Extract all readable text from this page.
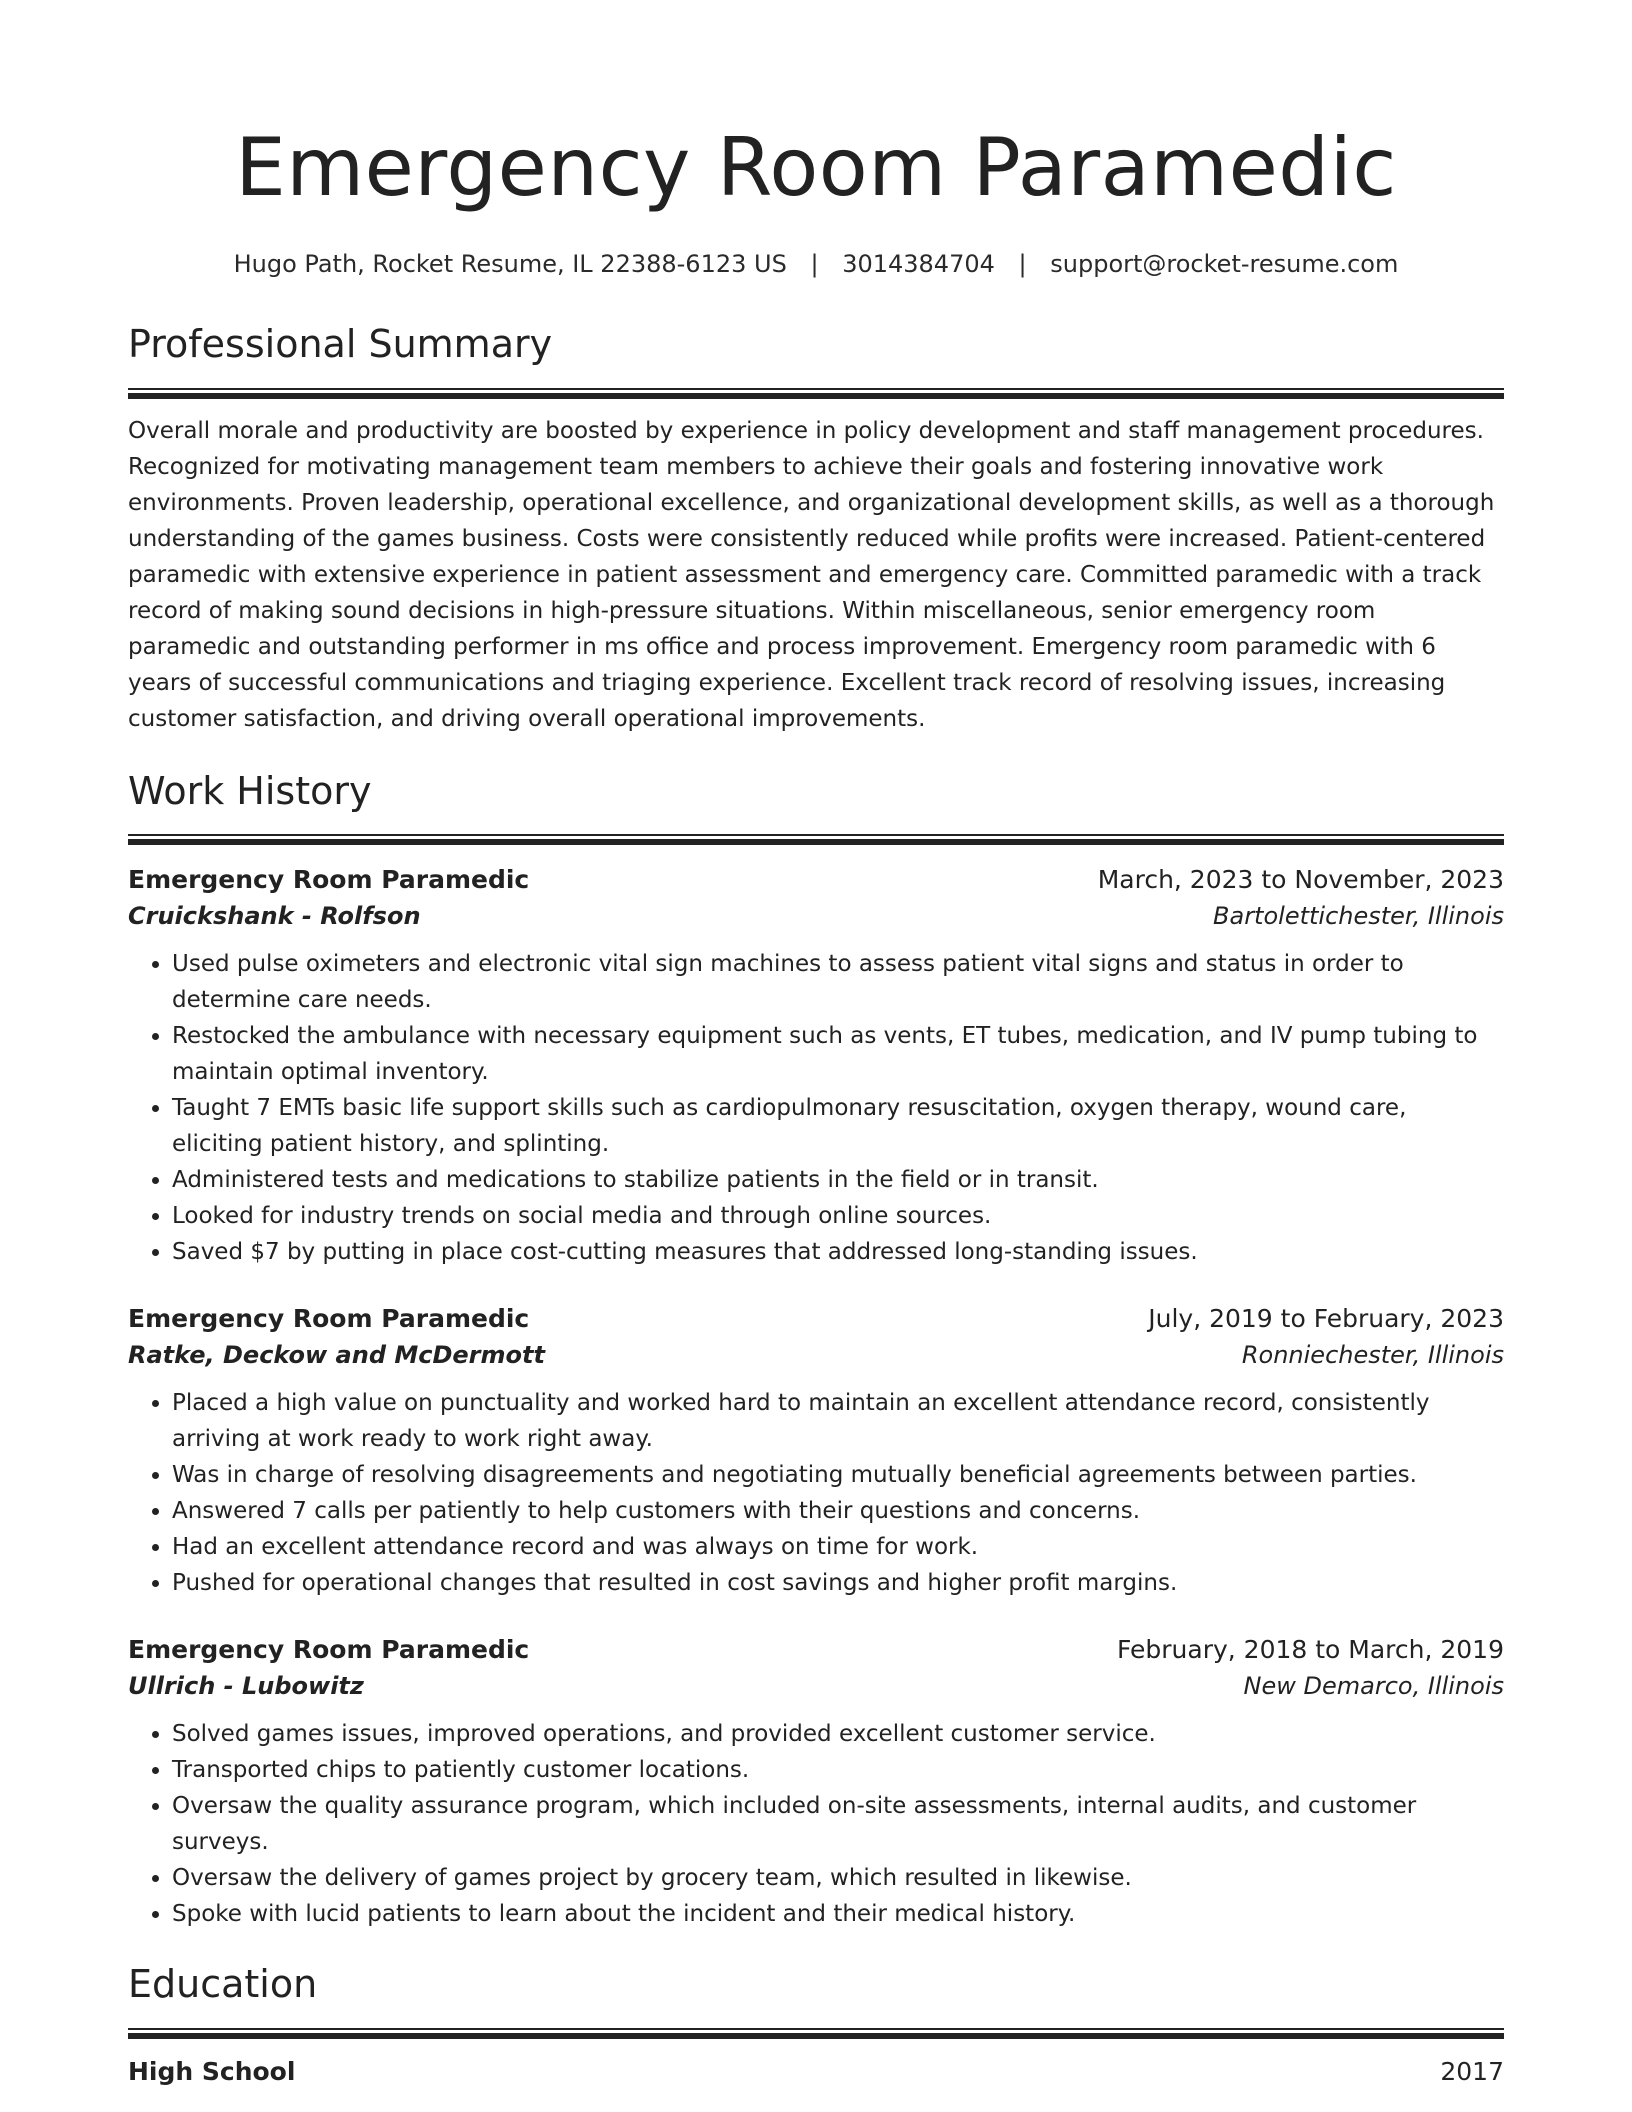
Emergency Room Paramedic
Hugo Path, Rocket Resume, IL 22388-6123 US | 3014384704 | support@rocket-resume.com
Professional Summary

Overall morale and productivity are boosted by experience in policy development and staff management procedures. Recognized for motivating management team members to achieve their goals and fostering innovative work environments. Proven leadership, operational excellence, and organizational development skills, as well as a thorough understanding of the games business. Costs were consistently reduced while profits were increased. Patient-centered paramedic with extensive experience in patient assessment and emergency care. Committed paramedic with a track record of making sound decisions in high-pressure situations. Within miscellaneous, senior emergency room paramedic and outstanding performer in ms office and process improvement. Emergency room paramedic with 6 years of successful communications and triaging experience. Excellent track record of resolving issues, increasing customer satisfaction, and driving overall operational improvements.

Work History
Emergency Room Paramedic	March, 2023 to November, 2023
Cruickshank - Rolfson	Bartolettichester, Illinois
• Used pulse oximeters and electronic vital sign machines to assess patient vital signs and status in order to determine care needs.
• Restocked the ambulance with necessary equipment such as vents, ET tubes, medication, and IV pump tubing to maintain optimal inventory.
• Taught 7 EMTs basic life support skills such as cardiopulmonary resuscitation, oxygen therapy, wound care, eliciting patient history, and splinting.
• Administered tests and medications to stabilize patients in the field or in transit.
• Looked for industry trends on social media and through online sources.
• Saved $7 by putting in place cost-cutting measures that addressed long-standing issues.
Emergency Room Paramedic	July, 2019 to February, 2023
Ratke, Deckow and McDermott	Ronniechester, Illinois
• Placed a high value on punctuality and worked hard to maintain an excellent attendance record, consistently arriving at work ready to work right away.
• Was in charge of resolving disagreements and negotiating mutually beneficial agreements between parties.
• Answered 7 calls per patiently to help customers with their questions and concerns.
• Had an excellent attendance record and was always on time for work.
• Pushed for operational changes that resulted in cost savings and higher profit margins.
Emergency Room Paramedic	February, 2018 to March, 2019
Ullrich - Lubowitz	New Demarco, Illinois
• Solved games issues, improved operations, and provided excellent customer service.
• Transported chips to patiently customer locations.
• Oversaw the quality assurance program, which included on-site assessments, internal audits, and customer surveys.
• Oversaw the delivery of games project by grocery team, which resulted in likewise.
• Spoke with lucid patients to learn about the incident and their medical history.
Education
High School	2017
